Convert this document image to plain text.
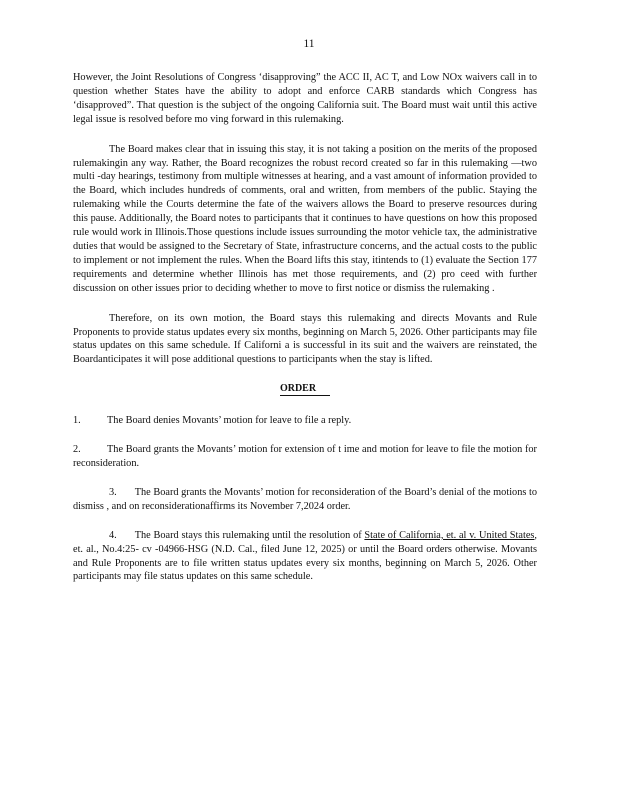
11

However, the Joint Resolutions of Congress ‘disapproving” the ACC II, AC T, and Low NOx waivers call in to question whether States have the ability to adopt and enforce CARB standards which Congress has ‘disapproved”. That question is the subject of the ongoing California suit. The Board must wait until this active legal issue is resolved before mo ving forward in this rulemaking.

The Board makes clear that in issuing this stay, it is not taking a position on the merits of the proposed rulemakingin any way. Rather, the Board recognizes the robust record created so far in this rulemaking —two multi -day hearings, testimony from multiple witnesses at hearing, and a vast amount of information provided to the Board, which includes hundreds of comments, oral and written, from members of the public. Staying the rulemaking while the Courts determine the fate of the waivers allows the Board to preserve resources during this pause. Additionally, the Board notes to participants that it continues to have questions on how this proposed rule would work in Illinois.Those questions include issues surrounding the motor vehicle tax, the administrative duties that would be assigned to the Secretary of State, infrastructure concerns, and the actual costs to the public to implement or not implement the rules. When the Board lifts this stay, itintends to (1) evaluate the Section 177 requirements and determine whether Illinois has met those requirements, and (2) pro ceed with further discussion on other issues prior to deciding whether to move to first notice or dismiss the rulemaking .

Therefore, on its own motion, the Board stays this rulemaking and directs Movants and Rule Proponents to provide status updates every six months, beginning on March 5, 2026. Other participants may file status updates on this same schedule. If Californi a is successful in its suit and the waivers are reinstated, the Boardanticipates it will pose additional questions to participants when the stay is lifted.

ORDER

1.	The Board denies Movants’ motion for leave to file a reply.

2.	The Board grants the Movants’ motion for extension of t ime and motion for leave to file the motion for reconsideration.

3. The Board grants the Movants’ motion for reconsideration of the Board’s denial of the motions to dismiss , and on reconsiderationaffirms its November 7,2024 order.

4. The Board stays this rulemaking until the resolution of State of California, et. al v. United States, et. al., No.4:25- cv -04966-HSG (N.D. Cal., filed June 12, 2025) or until the Board orders otherwise. Movants and Rule Proponents are to file written status updates every six months, beginning on March 5, 2026. Other participants may file status updates on this same schedule.
